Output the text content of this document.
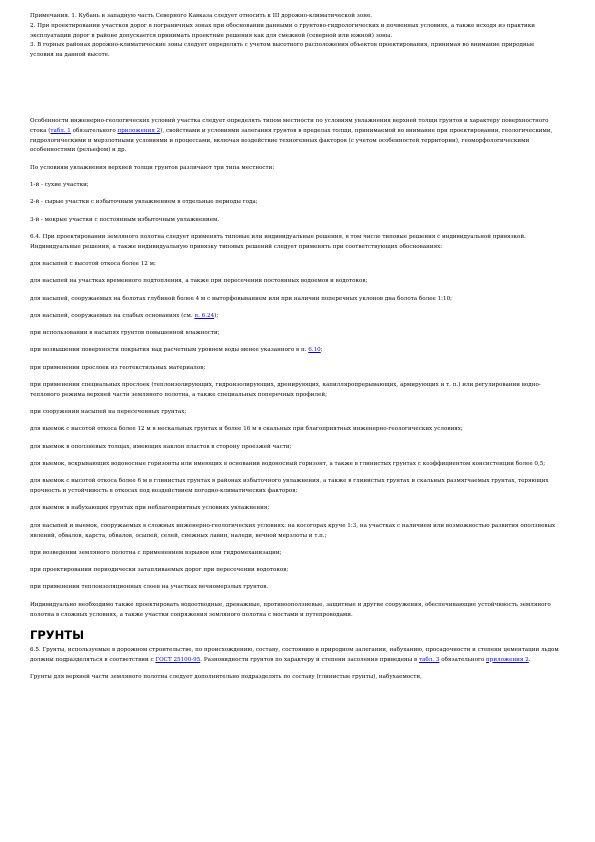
Примечания. 1. Кубань и западную часть Северного Кавказа следует относить к III дорожно-климатической зоне.

2. При проектировании участков дорог в пограничных зонах при обосновании данными о грунтово-гидрологических и почвенных условиях, а также исходя из практики эксплуатации дорог в районе допускается принимать проектные решения как для смежной (северной или южной) зоны.

3. В горных районах дорожно-климатические зоны следует определять с учетом высотного расположения объектов проектирования, принимая во внимание природные условия на данной высоте.

Особенности инженерно-геологических условий участка следует определять типом местности по условиям увлажнения верхней толщи грунтов и характеру поверхностного стока (табл. 1 обязательного приложения 2), свойствами и условиями залегания грунтов в пределах толщи, принимаемой во внимание при проектировании, геологическими, гидрологическими и мерзлотными условиями и процессами, включая воздействие техногенных факторов (с учетом особенностей территории), геоморфологическими особенностями (рельефом) и др.

По условиям увлажнения верхней толщи грунтов различают три типа местности:

1-й - сухие участки;

2-й - сырые участки с избыточным увлажнением в отдельные периоды года;

3-й - мокрые участки с постоянным избыточным увлажнением.

6.4. При проектировании земляного полотна следует применять типовые или индивидуальные решения, в том числе типовые решения с индивидуальной привязкой. Индивидуальные решения, а также индивидуальную привязку типовых решений следует применять при соответствующих обоснованиях:

для насыпей с высотой откоса более 12 м;

для насыпей на участках временного подтопления, а также при пересечении постоянных водоемов и водотоков;

для насыпей, сооружаемых на болотах глубиной более 4 м с выторфовыванием или при наличии поперечных уклонов дна болота более 1:10;

для насыпей, сооружаемых на слабых основаниях (см. п. 6.24);

при использовании в насыпях грунтов повышенной влажности;

при возвышении поверхности покрытия над расчетным уровнем воды менее указанного в п. 6.10;

при применении прослоек из геотекстильных материалов;

при применении специальных прослоек (теплоизолирующих, гидроизолирующих, дренирующих, капилляропрерывающих, армирующих и т. п.) или регулировании водно-теплового режима верхней части земляного полотна, а также специальных поперечных профилей;

при сооружении насыпей на пересеченных грунтах;

для выемок с высотой откоса более 12 м в нескальных грунтах и более 16 м в скальных при благоприятных инженерно-геологических условиях;

для выемок в оползневых толщах, имеющих наклон пластов в сторону проезжей части;

для выемок, вскрывающих водоносные горизонты или имеющих в основании водоносный горизонт, а также в глинистых грунтах с коэффициентом консистенции более 0,5;

для выемок с высотой откоса более 6 м в глинистых грунтах в районах избыточного увлажнения, а также в глинистых грунтах и скальных размягчаемых грунтах, теряющих прочность и устойчивость в откосах под воздействием погодно-климатических факторов;

для выемок в набухающих грунтах при неблагоприятных условиях увлажнения;

для насыпей и выемок, сооружаемых в сложных инженерно-геологических условиях: на косогорах круче 1:3, на участках с наличием или возможностью развития оползневых явлений, обвалов, карста, обвалов, осыпей, селей, снежных лавин, наледи, вечной мерзлоты и т.п.;

при возведении земляного полотна с применением взрывов или гидромеханизации;

при проектировании периодически затапливаемых дорог при пересечении водотоков;

при применении теплоизоляционных слоев на участках вечномерзлых грунтов.

Индивидуально необходимо также проектировать водоотводные, дренажные, противооползневые, защитные и другие сооружения, обеспечивающие устойчивость земляного полотна в сложных условиях, а также участки сопряжения земляного полотна с мостами и путепроводами.

ГРУНТЫ

6.5. Грунты, используемые в дорожном строительстве, по происхождению, составу, состоянию в природном залегании, набуханию, просадочности и степени цементации льдом должны подразделяться в соответствии с ГОСТ 25100-95. Разновидности грунтов по характеру и степени засоления приведены в табл. 3 обязательного приложения 2.

Грунты для верхней части земляного полотна следует дополнительно подразделять по составу (глинистые грунты), набухаемости,
